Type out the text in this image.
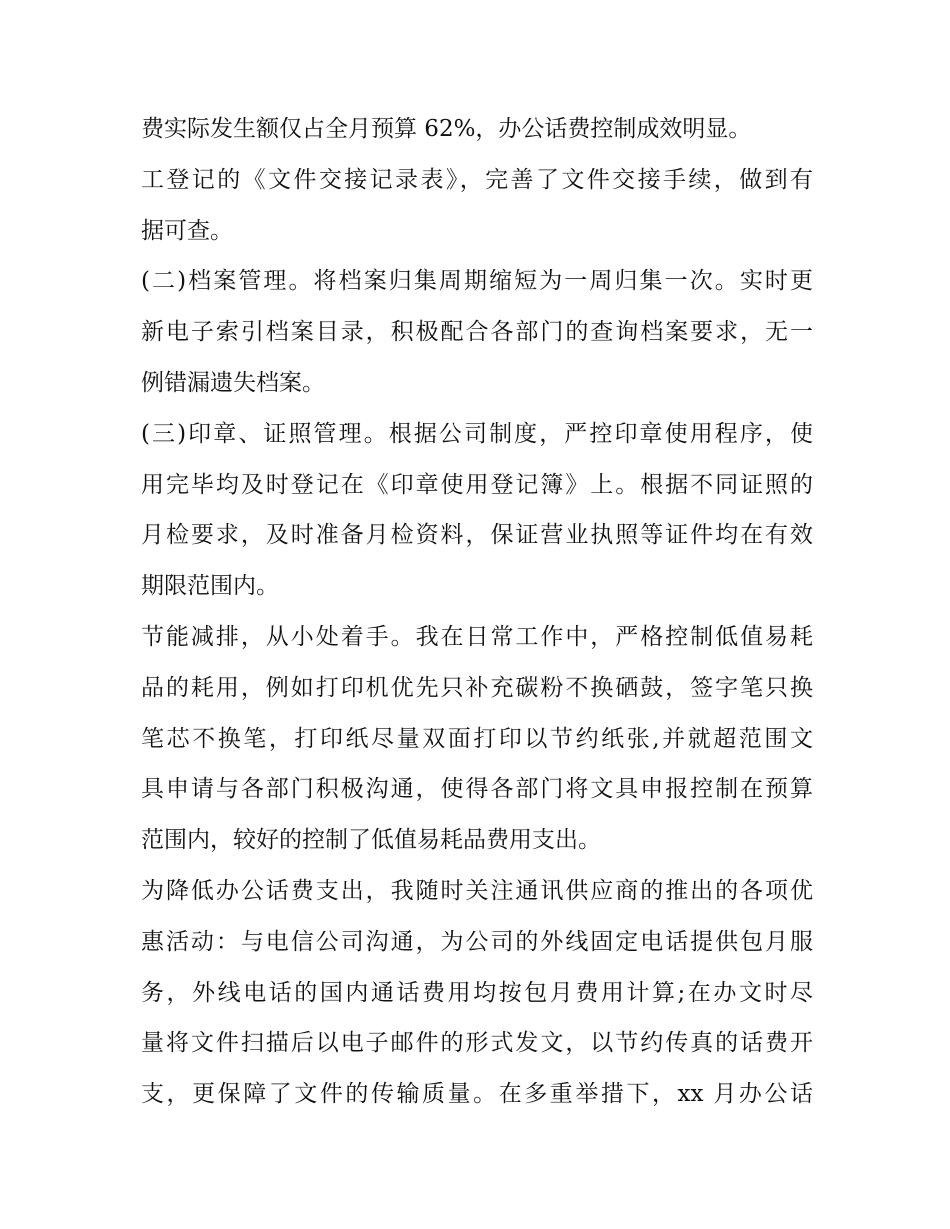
费实际发生额仅占全月预算 62%，办公话费控制成效明显。
工登记的《文件交接记录表》，完善了文件交接手续，做到有
据可查。
(二)档案管理。将档案归集周期缩短为一周归集一次。实时更
新电子索引档案目录，积极配合各部门的查询档案要求，无一
例错漏遗失档案。
(三)印章、证照管理。根据公司制度，严控印章使用程序，使
用完毕均及时登记在《印章使用登记簿》上。根据不同证照的
月检要求，及时准备月检资料，保证营业执照等证件均在有效
期限范围内。
节能减排，从小处着手。我在日常工作中，严格控制低值易耗
品的耗用，例如打印机优先只补充碳粉不换硒鼓，签字笔只换
笔芯不换笔，打印纸尽量双面打印以节约纸张,并就超范围文
具申请与各部门积极沟通，使得各部门将文具申报控制在预算
范围内，较好的控制了低值易耗品费用支出。
为降低办公话费支出，我随时关注通讯供应商的推出的各项优
惠活动：与电信公司沟通，为公司的外线固定电话提供包月服
务，外线电话的国内通话费用均按包月费用计算;在办文时尽
量将文件扫描后以电子邮件的形式发文，以节约传真的话费开
支，更保障了文件的传输质量。在多重举措下，xx 月办公话
